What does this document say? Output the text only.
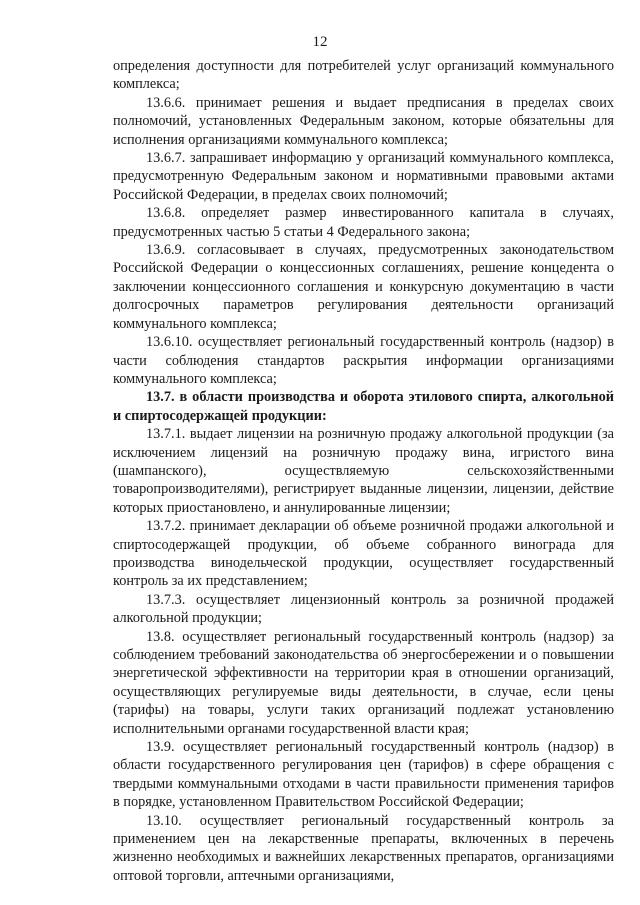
12

определения доступности для потребителей услуг организаций коммунального комплекса;

13.6.6. принимает решения и выдает предписания в пределах своих полномочий, установленных Федеральным законом, которые обязательны для исполнения организациями коммунального комплекса;

13.6.7. запрашивает информацию у организаций коммунального комплекса, предусмотренную Федеральным законом и нормативными правовыми актами Российской Федерации, в пределах своих полномочий;

13.6.8. определяет размер инвестированного капитала в случаях, предусмотренных частью 5 статьи 4 Федерального закона;

13.6.9. согласовывает в случаях, предусмотренных законодательством Российской Федерации о концессионных соглашениях, решение концедента о заключении концессионного соглашения и конкурсную документацию в части долгосрочных параметров регулирования деятельности организаций коммунального комплекса;

13.6.10. осуществляет региональный государственный контроль (надзор) в части соблюдения стандартов раскрытия информации организациями коммунального комплекса;

13.7. в области производства и оборота этилового спирта, алкогольной и спиртосодержащей продукции:

13.7.1. выдает лицензии на розничную продажу алкогольной продукции (за исключением лицензий на розничную продажу вина, игристого вина (шампанского), осуществляемую сельскохозяйственными товаропроизводителями), регистрирует выданные лицензии, лицензии, действие которых приостановлено, и аннулированные лицензии;

13.7.2. принимает декларации об объеме розничной продажи алкогольной и спиртосодержащей продукции, об объеме собранного винограда для производства винодельческой продукции, осуществляет государственный контроль за их представлением;

13.7.3. осуществляет лицензионный контроль за розничной продажей алкогольной продукции;

13.8. осуществляет региональный государственный контроль (надзор) за соблюдением требований законодательства об энергосбережении и о повышении энергетической эффективности на территории края в отношении организаций, осуществляющих регулируемые виды деятельности, в случае, если цены (тарифы) на товары, услуги таких организаций подлежат установлению исполнительными органами государственной власти края;

13.9. осуществляет региональный государственный контроль (надзор) в области государственного регулирования цен (тарифов) в сфере обращения с твердыми коммунальными отходами в части правильности применения тарифов в порядке, установленном Правительством Российской Федерации;

13.10. осуществляет региональный государственный контроль за применением цен на лекарственные препараты, включенных в перечень жизненно необходимых и важнейших лекарственных препаратов, организациями оптовой торговли, аптечными организациями,
